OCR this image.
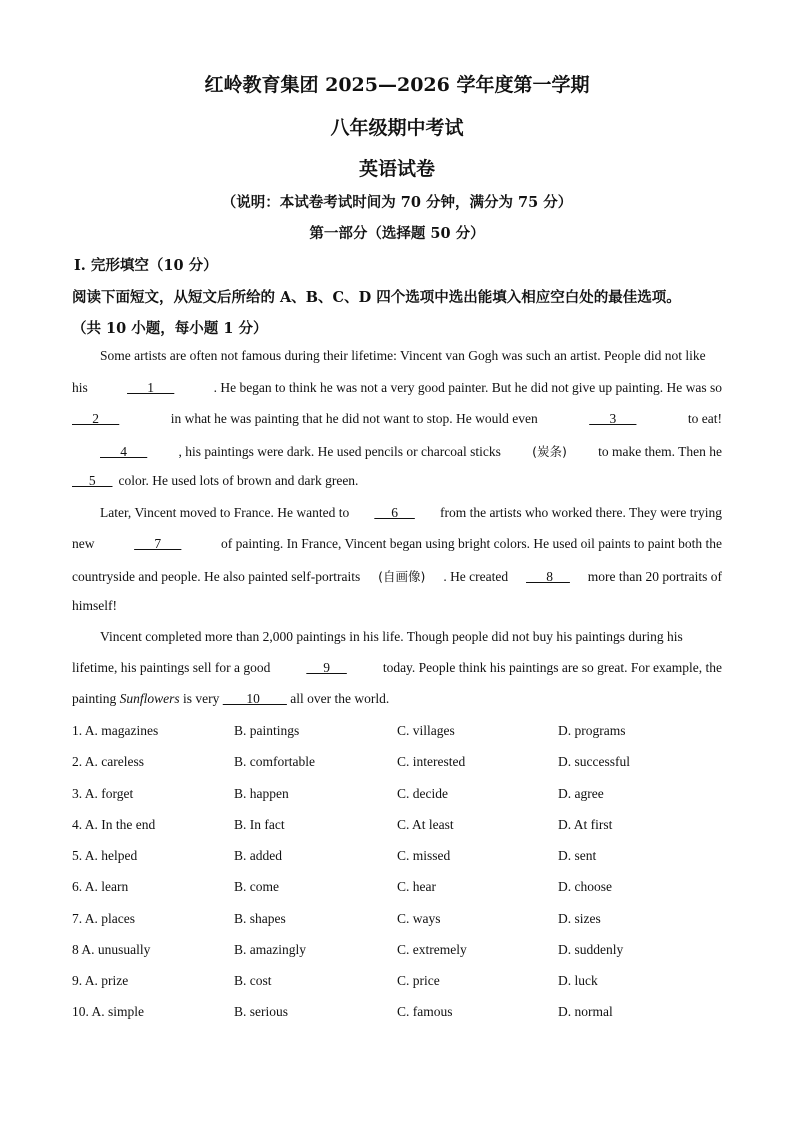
红岭教育集团 2025—2026 学年度第一学期
八年级期中考试
英语试卷
（说明：本试卷考试时间为 70 分钟，满分为 75 分）
第一部分（选择题 50 分）
Ⅰ. 完形填空（10 分）
阅读下面短文，从短文后所给的 A、B、C、D 四个选项中选出能填入相应空白处的最佳选项。
（共 10 小题，每小题 1 分）
Some artists are often not famous during their lifetime: Vincent van Gogh was such an artist. People did not like
his	1	. He began to think he was not a very good painter. But he did not give up painting. He was so
2	in what he was painting that he did not want to stop. He would even	3	to eat!
4 , his paintings were dark. He used pencils or charcoal sticks (炭条) to make them. Then he
5 color. He used lots of brown and dark green.
Later, Vincent moved to France. He wanted to 6 from the artists who worked there. They were trying
new	7	of painting. In France, Vincent began using bright colors. He used oil paints to paint both the
countryside and people. He also painted self-portraits (自画像) . He created 8 more than 20 portraits of
himself!
Vincent completed more than 2,000 paintings in his life. Though people did not buy his paintings during his
lifetime, his paintings sell for a good	9	today. People think his paintings are so great. For example, the
painting
Sunflowers
is very
10
all over the world.
1. A. magazines	B. paintings	C. villages	D. programs
2. A. careless	B. comfortable	C. interested	D. successful
3. A. forget	B. happen	C. decide	D. agree
4. A. In the end	B. In fact	C. At least	D. At first
5. A. helped	B. added	C. missed	D. sent
6. A. learn	B. come	C. hear	D. choose
7. A. places	B. shapes	C. ways	D. sizes
8 A. unusually	B. amazingly	C. extremely	D. suddenly
9. A. prize	B. cost	C. price	D. luck
10. A. simple	B. serious	C. famous	D. normal
